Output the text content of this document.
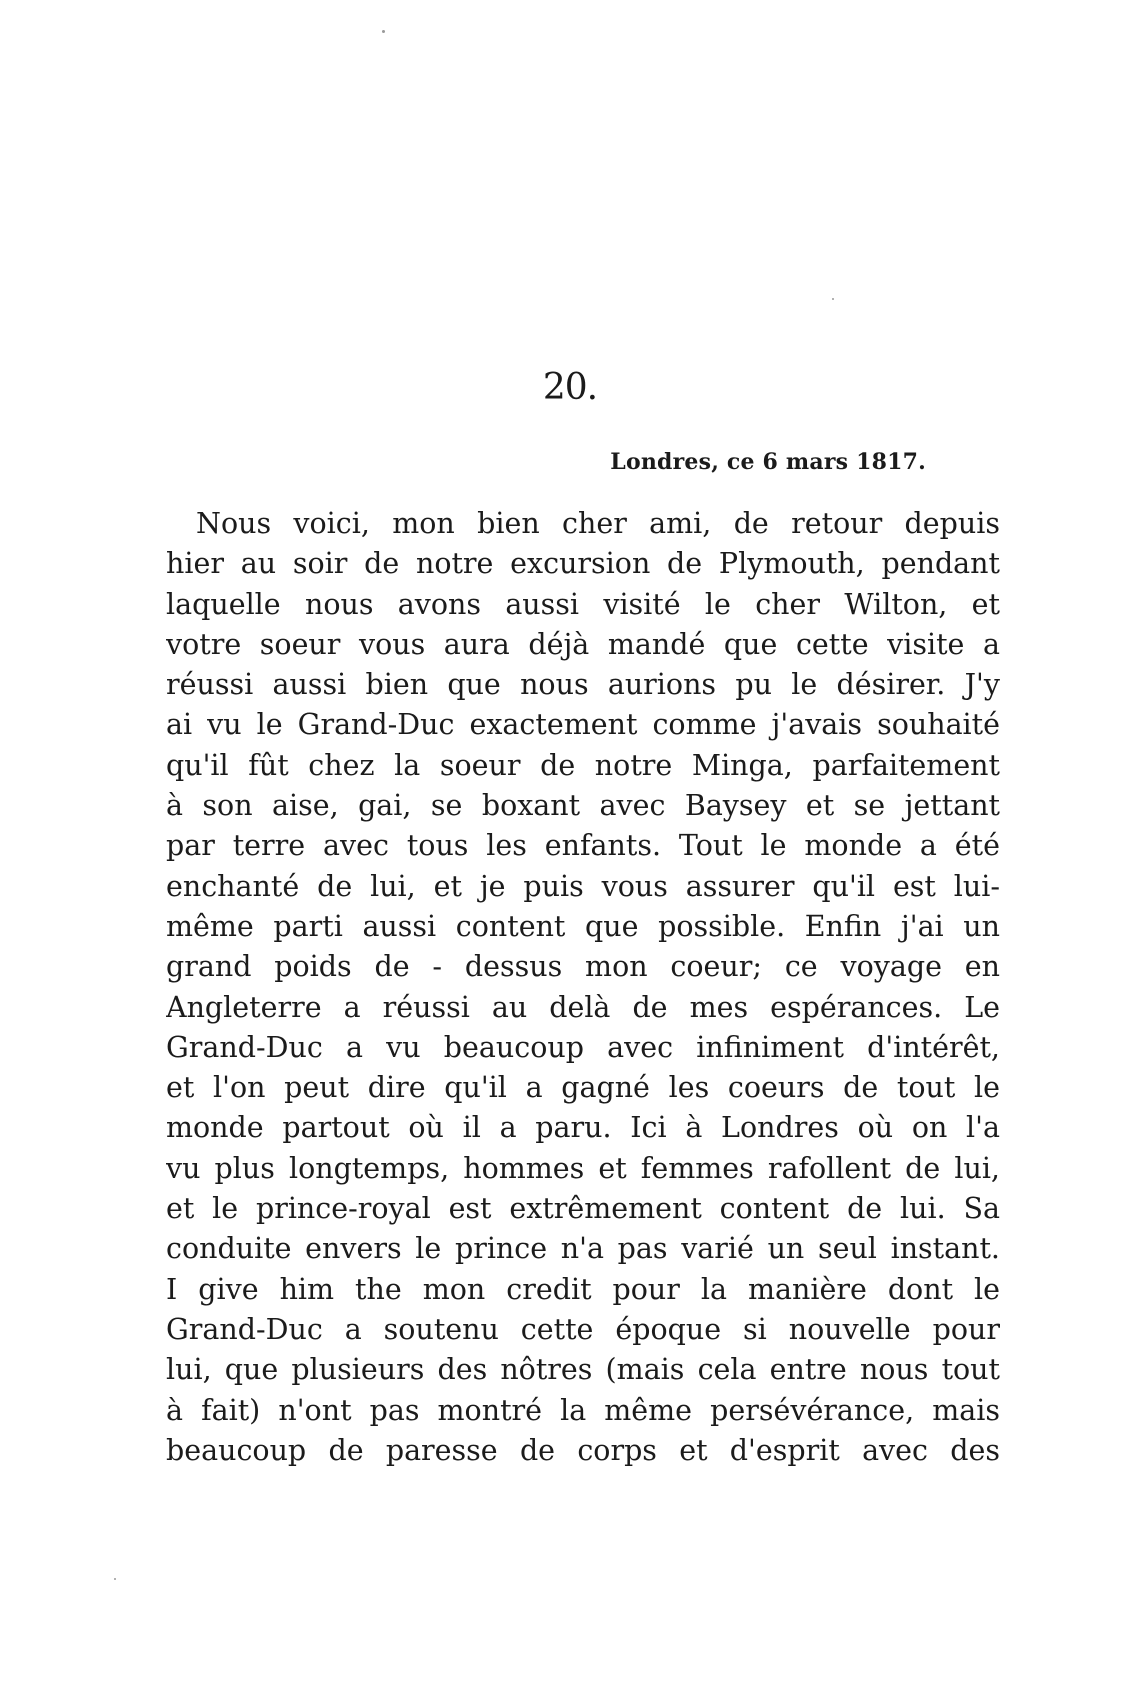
20.
Londres, ce 6 mars 1817.
Nous voici, mon bien cher ami, de retour depuis
hier au soir de notre excursion de Plymouth, pendant
laquelle nous avons aussi visité le cher Wilton, et
votre soeur vous aura déjà mandé que cette visite a
réussi aussi bien que nous aurions pu le désirer. J'y
ai vu le Grand-Duc exactement comme j'avais souhaité
qu'il fût chez la soeur de notre Minga, parfaitement
à son aise, gai, se boxant avec Baysey et se jettant
par terre avec tous les enfants. Tout le monde a été
enchanté de lui, et je puis vous assurer qu'il est lui-
même parti aussi content que possible. Enfin j'ai un
grand poids de - dessus mon coeur; ce voyage en
Angleterre a réussi au delà de mes espérances. Le
Grand-Duc a vu beaucoup avec infiniment d'intérêt,
et l'on peut dire qu'il a gagné les coeurs de tout le
monde partout où il a paru. Ici à Londres où on l'a
vu plus longtemps, hommes et femmes rafollent de lui,
et le prince-royal est extrêmement content de lui. Sa
conduite envers le prince n'a pas varié un seul instant.
I give him the mon credit pour la manière dont le
Grand-Duc a soutenu cette époque si nouvelle pour
lui, que plusieurs des nôtres (mais cela entre nous tout
à fait) n'ont pas montré la même persévérance, mais
beaucoup de paresse de corps et d'esprit avec des
